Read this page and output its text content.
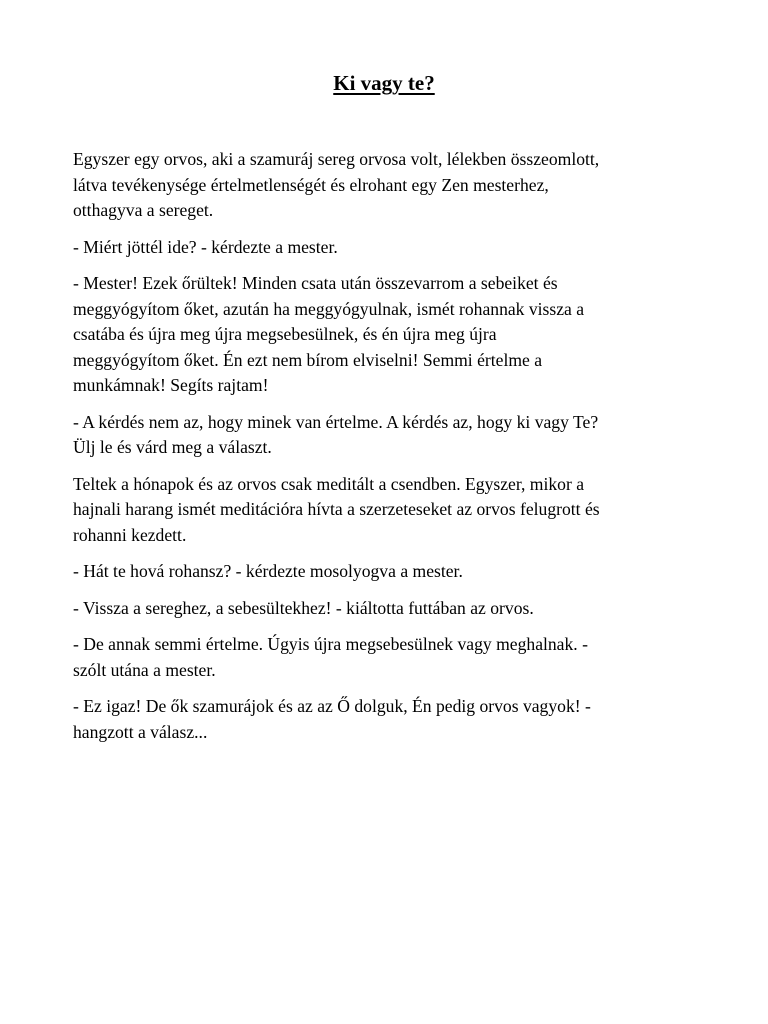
Ki vagy te?

Egyszer egy orvos, aki a szamuráj sereg orvosa volt, lélekben összeomlott,
látva tevékenysége értelmetlenségét és elrohant egy Zen mesterhez,
otthagyva a sereget.

- Miért jöttél ide? - kérdezte a mester.

- Mester! Ezek őrültek! Minden csata után összevarrom a sebeiket és
meggyógyítom őket, azután ha meggyógyulnak, ismét rohannak vissza a
csatába és újra meg újra megsebesülnek, és én újra meg újra
meggyógyítom őket. Én ezt nem bírom elviselni! Semmi értelme a
munkámnak! Segíts rajtam!

- A kérdés nem az, hogy minek van értelme. A kérdés az, hogy ki vagy Te?
Ülj le és várd meg a választ.

Teltek a hónapok és az orvos csak meditált a csendben. Egyszer, mikor a
hajnali harang ismét meditációra hívta a szerzeteseket az orvos felugrott és
rohanni kezdett.

- Hát te hová rohansz? - kérdezte mosolyogva a mester.

- Vissza a sereghez, a sebesültekhez! - kiáltotta futtában az orvos.

- De annak semmi értelme. Úgyis újra megsebesülnek vagy meghalnak. -
szólt utána a mester.

- Ez igaz! De ők szamurájok és az az Ő dolguk, Én pedig orvos vagyok! -
hangzott a válasz...
